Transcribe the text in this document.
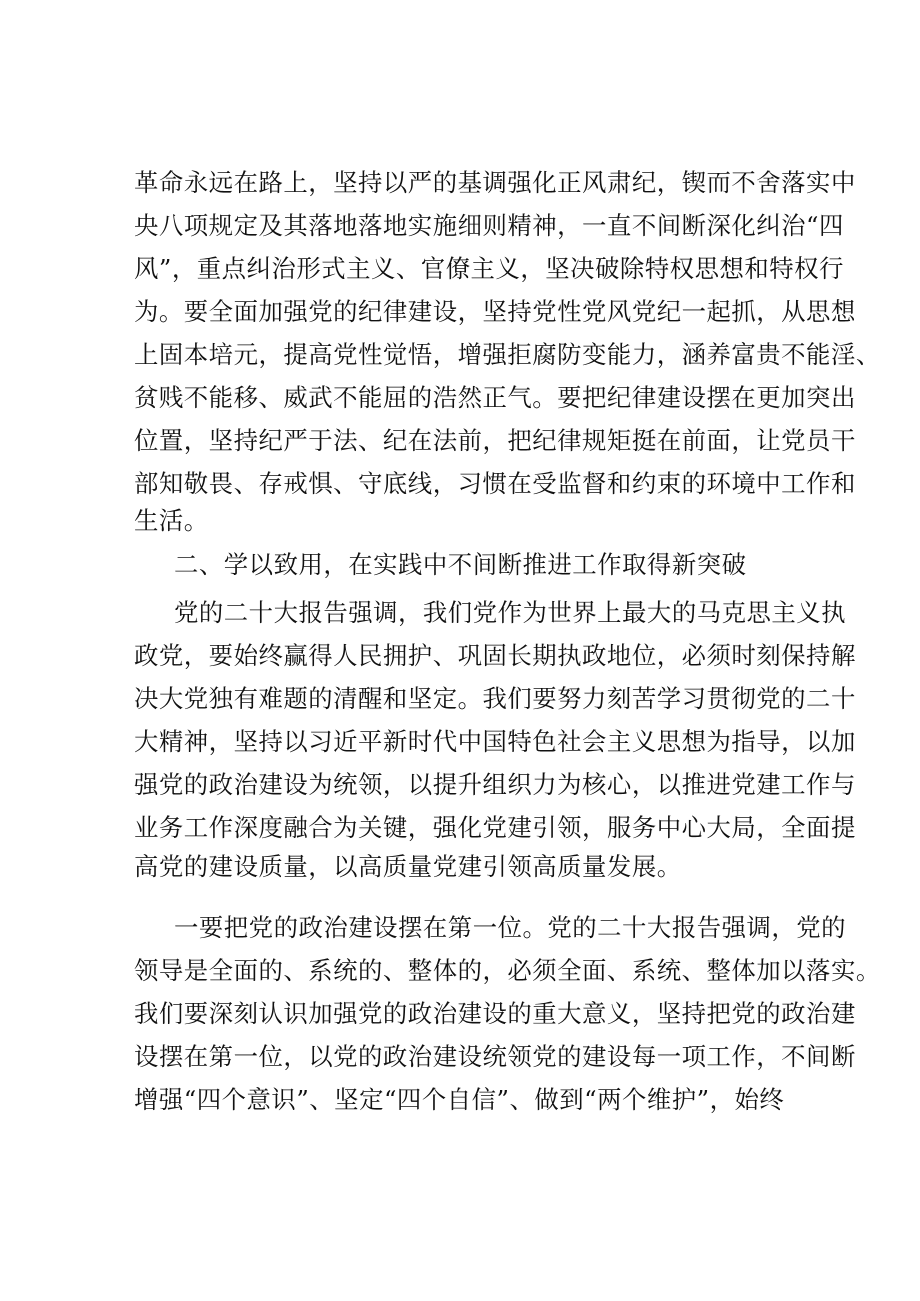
革命永远在路上，坚持以严的基调强化正风肃纪，锲而不舍落实中
央八项规定及其落地落地实施细则精神，一直不间断深化纠治“四
风”，重点纠治形式主义、官僚主义，坚决破除特权思想和特权行
为。要全面加强党的纪律建设，坚持党性党风党纪一起抓，从思想
上固本培元，提高党性觉悟，增强拒腐防变能力，涵养富贵不能淫、
贫贱不能移、威武不能屈的浩然正气。要把纪律建设摆在更加突出
位置，坚持纪严于法、纪在法前，把纪律规矩挺在前面，让党员干
部知敬畏、存戒惧、守底线，习惯在受监督和约束的环境中工作和
生活。
二、学以致用，在实践中不间断推进工作取得新突破
党的二十大报告强调，我们党作为世界上最大的马克思主义执
政党，要始终赢得人民拥护、巩固长期执政地位，必须时刻保持解
决大党独有难题的清醒和坚定。我们要努力刻苦学习贯彻党的二十
大精神，坚持以习近平新时代中国特色社会主义思想为指导，以加
强党的政治建设为统领，以提升组织力为核心，以推进党建工作与
业务工作深度融合为关键，强化党建引领，服务中心大局，全面提
高党的建设质量，以高质量党建引领高质量发展。
一要把党的政治建设摆在第一位。党的二十大报告强调，党的
领导是全面的、系统的、整体的，必须全面、系统、整体加以落实。
我们要深刻认识加强党的政治建设的重大意义，坚持把党的政治建
设摆在第一位，以党的政治建设统领党的建设每一项工作，不间断
增强“四个意识”、坚定“四个自信”、做到“两个维护”，始终
